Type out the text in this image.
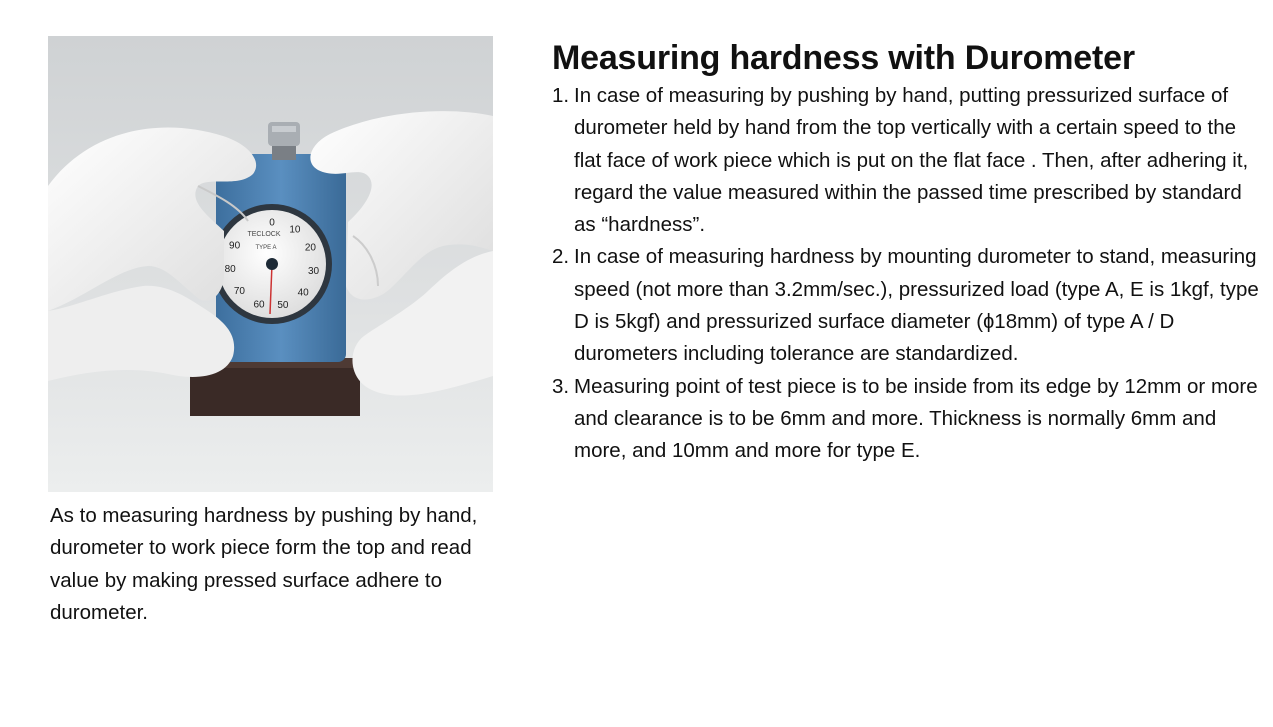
TECLOCK
TYPE A
0
10
20
30
40
50
60
70
80
90

As to measuring hardness by pushing by hand, durometer to work piece form the top and read value by making pressed surface adhere to durometer.

Measuring hardness with Durometer
1. In case of measuring by pushing by hand, putting pressurized surface of durometer held by hand from the top vertically with a certain speed to the flat face of work piece which is put on the flat face . Then, after adhering it, regard the value measured within the passed time prescribed by standard as “hardness”.
2. In case of measuring hardness by mounting durometer to stand, measuring speed (not more than 3.2mm/sec.), pressurized load (type A, E is 1kgf, type D is 5kgf) and pressurized surface diameter (ɸ18mm) of type A / D durometers including tolerance are standardized.
3. Measuring point of test piece is to be inside from its edge by 12mm or more and clearance is to be 6mm and more. Thickness is normally 6mm and more, and 10mm and more for type E.
